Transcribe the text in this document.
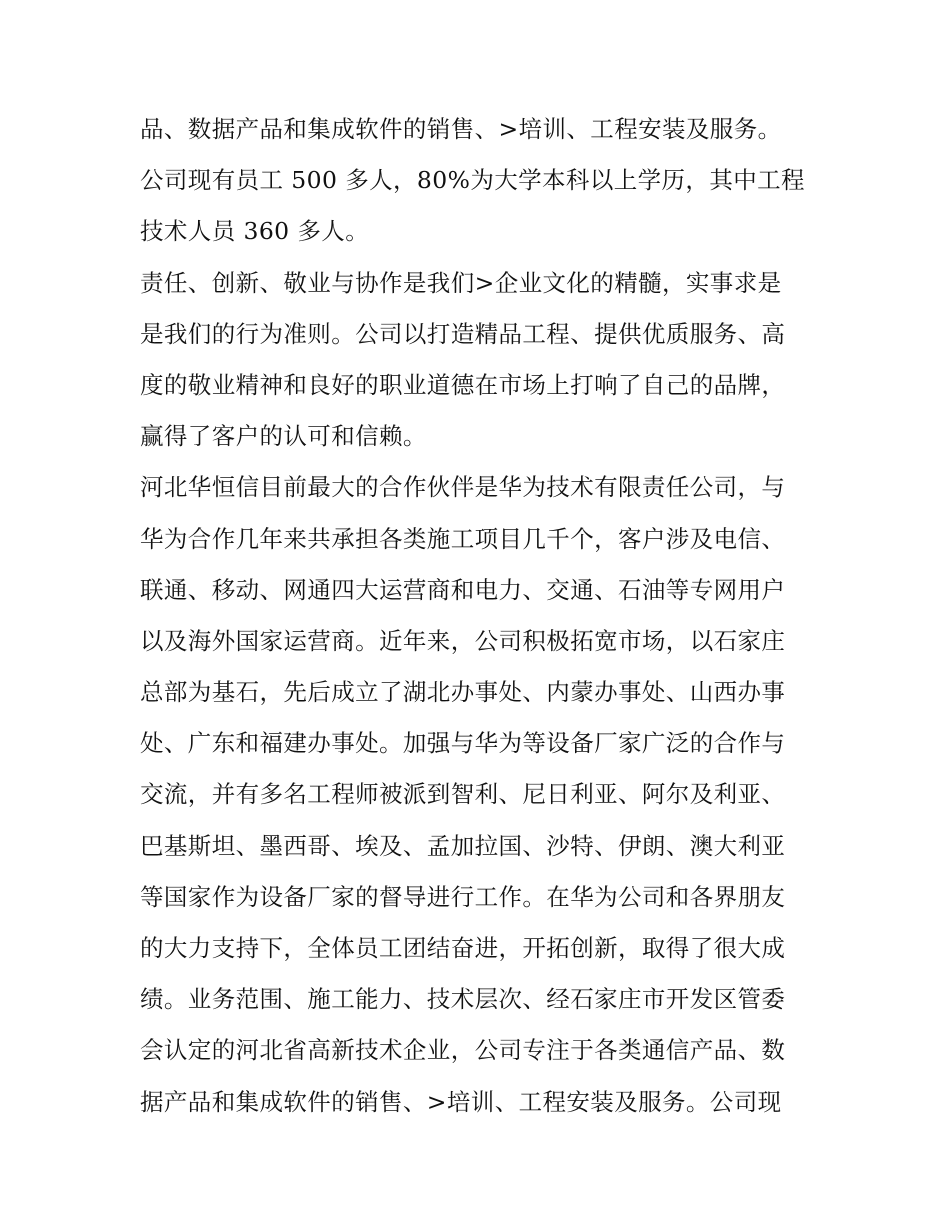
品、数据产品和集成软件的销售、>培训、工程安装及服务。
公司现有员工 500 多人，80%为大学本科以上学历，其中工程
技术人员 360 多人。
责任、创新、敬业与协作是我们>企业文化的精髓，实事求是
是我们的行为准则。公司以打造精品工程、提供优质服务、高
度的敬业精神和良好的职业道德在市场上打响了自己的品牌，
赢得了客户的认可和信赖。
河北华恒信目前最大的合作伙伴是华为技术有限责任公司，与
华为合作几年来共承担各类施工项目几千个，客户涉及电信、
联通、移动、网通四大运营商和电力、交通、石油等专网用户
以及海外国家运营商。近年来，公司积极拓宽市场，以石家庄
总部为基石，先后成立了湖北办事处、内蒙办事处、山西办事
处、广东和福建办事处。加强与华为等设备厂家广泛的合作与
交流，并有多名工程师被派到智利、尼日利亚、阿尔及利亚、
巴基斯坦、墨西哥、埃及、孟加拉国、沙特、伊朗、澳大利亚
等国家作为设备厂家的督导进行工作。在华为公司和各界朋友
的大力支持下，全体员工团结奋进，开拓创新，取得了很大成
绩。业务范围、施工能力、技术层次、经石家庄市开发区管委
会认定的河北省高新技术企业，公司专注于各类通信产品、数
据产品和集成软件的销售、>培训、工程安装及服务。公司现
